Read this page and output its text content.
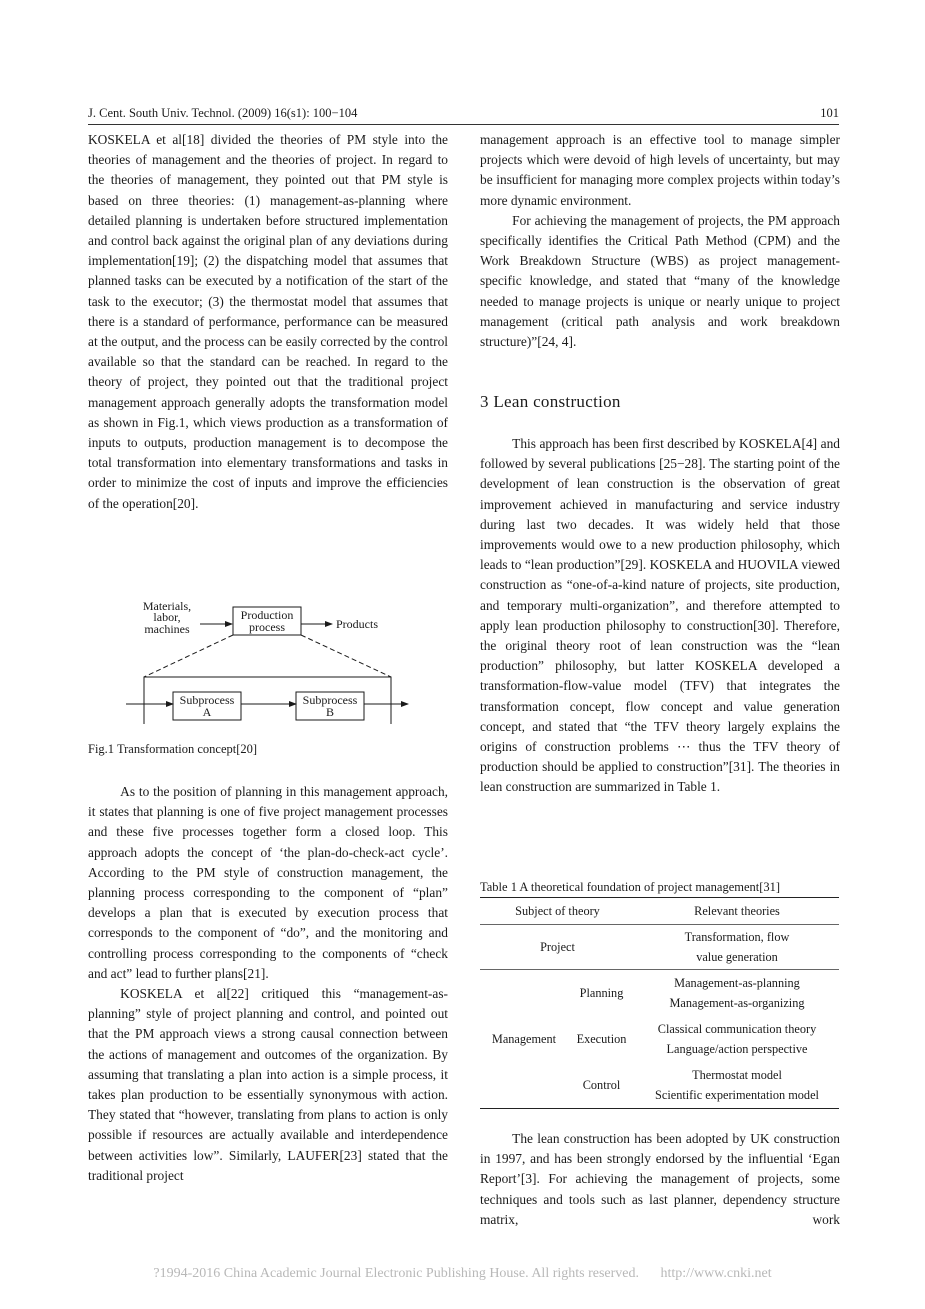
J. Cent. South Univ. Technol. (2009) 16(s1): 100−104	101

KOSKELA et al[18] divided the theories of PM style into the theories of management and the theories of project. In regard to the theories of management, they pointed out that PM style is based on three theories: (1) management-as-planning where detailed planning is undertaken before structured implementation and control back against the original plan of any deviations during implementation[19]; (2) the dispatching model that assumes that planned tasks can be executed by a notification of the start of the task to the executor; (3) the thermostat model that assumes that there is a standard of performance, performance can be measured at the output, and the process can be easily corrected by the control available so that the standard can be reached. In regard to the theory of project, they pointed out that the traditional project management approach generally adopts the transformation model as shown in Fig.1, which views production as a transformation of inputs to outputs, production management is to decompose the total transformation into elementary transformations and tasks in order to minimize the cost of inputs and improve the efficiencies of the operation[20].

Materials,
labor,
machines
Production
process	Products
Subprocess
A
Subprocess
B
Fig.1 Transformation concept[20]

As to the position of planning in this management approach, it states that planning is one of five project management processes and these five processes together form a closed loop. This approach adopts the concept of ‘the plan-do-check-act cycle’. According to the PM style of construction management, the planning process corresponding to the component of “plan” develops a plan that is executed by execution process that corresponds to the component of “do”, and the monitoring and controlling process corresponding to the components of “check and act” lead to further plans[21].

KOSKELA et al[22] critiqued this “management-as-planning” style of project planning and control, and pointed out that the PM approach views a strong causal connection between the actions of management and outcomes of the organization. By assuming that translating a plan into action is a simple process, it takes plan production to be essentially synonymous with action. They stated that “however, translating from plans to action is only possible if resources are actually available and interdependence between activities low”. Similarly, LAUFER[23] stated that the traditional project

management approach is an effective tool to manage simpler projects which were devoid of high levels of uncertainty, but may be insufficient for managing more complex projects within today’s more dynamic environment.

For achieving the management of projects, the PM approach specifically identifies the Critical Path Method (CPM) and the Work Breakdown Structure (WBS) as project management-specific knowledge, and stated that “many of the knowledge needed to manage projects is unique or nearly unique to project management (critical path analysis and work breakdown structure)”[24, 4].

3 Lean construction

This approach has been first described by KOSKELA[4] and followed by several publications [25−28]. The starting point of the development of lean construction is the observation of great improvement achieved in manufacturing and service industry during last two decades. It was widely held that those improvements would owe to a new production philosophy, which leads to “lean production”[29]. KOSKELA and HUOVILA viewed construction as “one-of-a-kind nature of projects, site production, and temporary multi-organization”, and therefore attempted to apply lean production philosophy to construction[30]. Therefore, the original theory root of lean construction was the “lean production” philosophy, but latter KOSKELA developed a transformation-flow-value model (TFV) that integrates the transformation concept, flow concept and value generation concept, and stated that “the TFV theory largely explains the origins of construction problems ⋯ thus the TFV theory of production should be applied to construction”[31]. The theories in lean construction are summarized in Table 1.

Table 1 A theoretical foundation of project management[31]
Subject of theory		Relevant theories
Project		Transformation, flow
value generation

Management	Planning	Management-as-planning
Management-as-organizing

	Execution	Classical communication theory
Language/action perspective

	Control	Thermostat model
Scientific experimentation model

The lean construction has been adopted by UK construction in 1997, and has been strongly endorsed by the influential ‘Egan Report’[3]. For achieving the management of projects, some techniques and tools such as last planner, dependency structure matrix, work

?1994-2016 China Academic Journal Electronic Publishing House. All rights reserved. http://www.cnki.net
